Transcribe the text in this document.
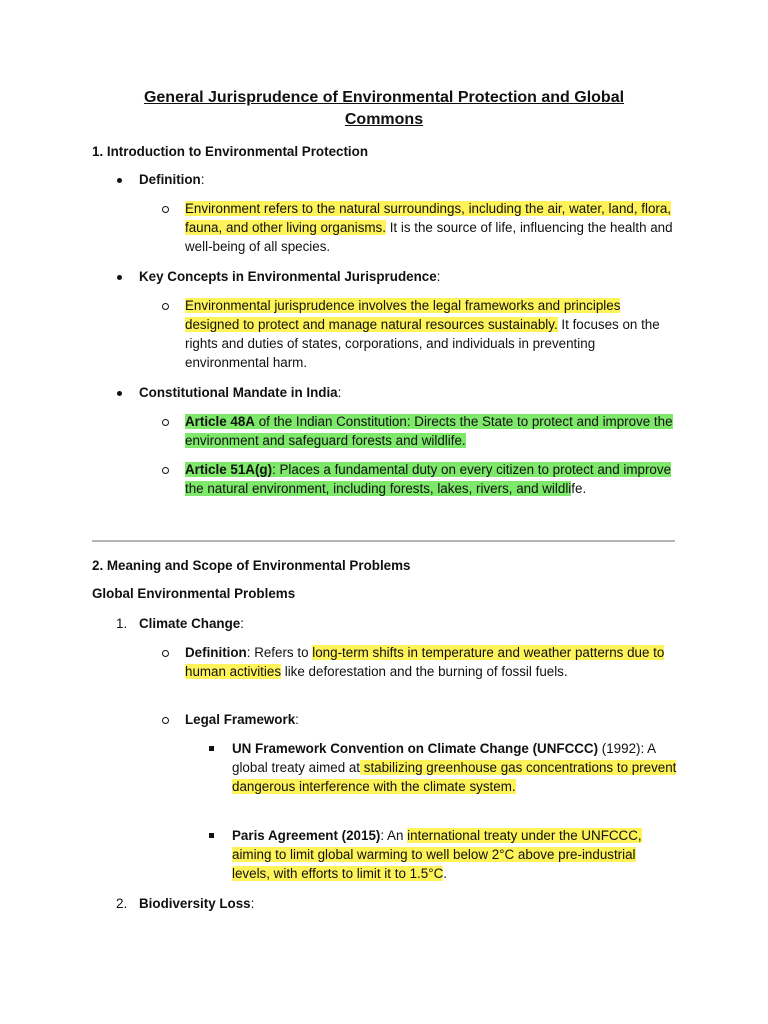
General Jurisprudence of Environmental Protection and Global Commons
1. Introduction to Environmental Protection
Definition:
Environment refers to the natural surroundings, including the air, water, land, flora, fauna, and other living organisms. It is the source of life, influencing the health and well-being of all species.
Key Concepts in Environmental Jurisprudence:
Environmental jurisprudence involves the legal frameworks and principles designed to protect and manage natural resources sustainably. It focuses on the rights and duties of states, corporations, and individuals in preventing environmental harm.
Constitutional Mandate in India:
Article 48A of the Indian Constitution: Directs the State to protect and improve the environment and safeguard forests and wildlife.
Article 51A(g): Places a fundamental duty on every citizen to protect and improve the natural environment, including forests, lakes, rivers, and wildlife.
2. Meaning and Scope of Environmental Problems
Global Environmental Problems
1. Climate Change:
Definition: Refers to long-term shifts in temperature and weather patterns due to human activities like deforestation and the burning of fossil fuels.
Legal Framework:
UN Framework Convention on Climate Change (UNFCCC) (1992): A global treaty aimed at stabilizing greenhouse gas concentrations to prevent dangerous interference with the climate system.
Paris Agreement (2015): An international treaty under the UNFCCC, aiming to limit global warming to well below 2°C above pre-industrial levels, with efforts to limit it to 1.5°C.
2. Biodiversity Loss:
